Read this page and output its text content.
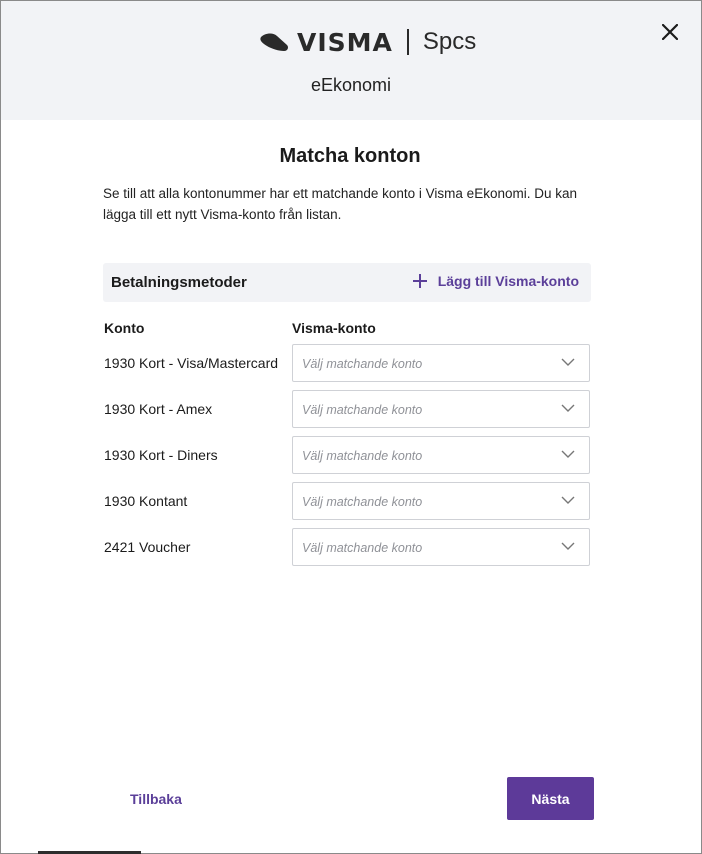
VISMA Spcs
eEkonomi
Matcha konton
Se till att alla kontonummer har ett matchande konto i Visma eEkonomi. Du kan lägga till ett nytt Visma-konto från listan.
Betalningsmetoder	Lägg till Visma-konto
Konto	Visma-konto
1930 Kort - Visa/Mastercard Välj matchande konto
1930 Kort - Amex	Välj matchande konto
1930 Kort - Diners	Välj matchande konto
1930 Kontant	Välj matchande konto
2421 Voucher	Välj matchande konto
Tillbaka	Nästa
